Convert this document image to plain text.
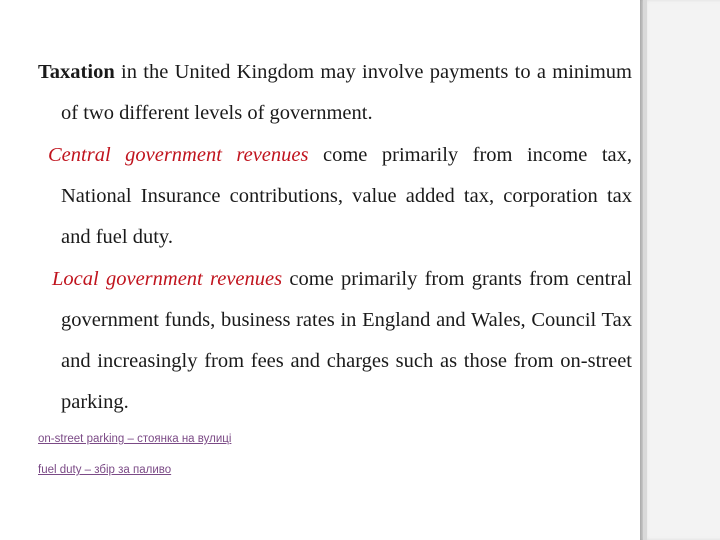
Taxation in the United Kingdom may involve payments to a minimum of two different levels of government.

Central government revenues come primarily from income tax, National Insurance contributions, value added tax, corporation tax and fuel duty.

Local government revenues come primarily from grants from central government funds, business rates in England and Wales, Council Tax and increasingly from fees and charges such as those from on-street parking.

on-street parking – стоянка на вулиці
fuel duty – збір за паливо
